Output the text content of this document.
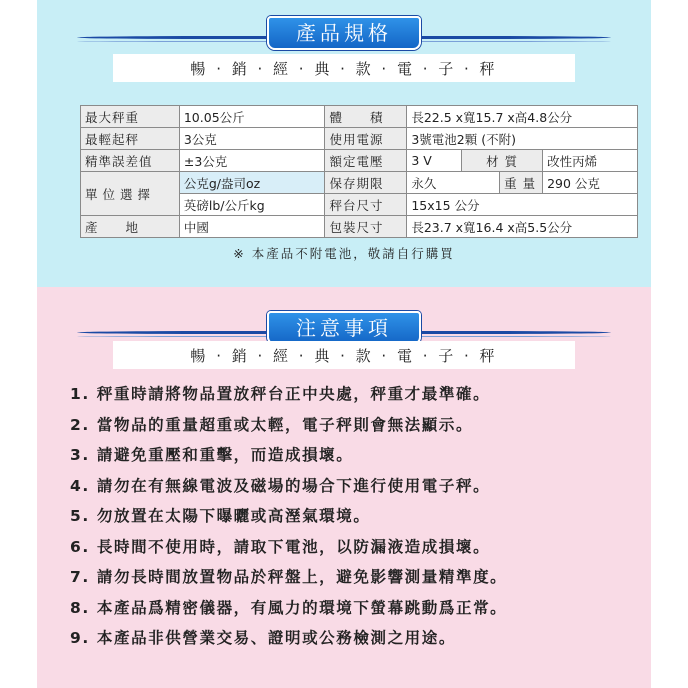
產品規格
暢 · 銷 · 經 · 典 · 款 · 電 · 子 · 秤
最大秤重	10.05公斤	體　　積	長22.5 x寬15.7 x高4.8公分			
最輕起秤	3公克	使用電源	3號電池2顆 (不附)			
精準誤差值	±3公克	額定電壓	3 V	材 質		改性丙烯
單位選擇	公克g/盎司oz	保存期限	永久		重 量	290 公克
	英磅lb/公斤kg	秤台尺寸	15x15 公分			
產　　地	中國	包裝尺寸	長23.7 x寬16.4 x高5.5公分			
※ 本產品不附電池，敬請自行購買
注意事項
暢 · 銷 · 經 · 典 · 款 · 電 · 子 · 秤
1. 秤重時請將物品置放秤台正中央處，秤重才最準確。
2. 當物品的重量超重或太輕，電子秤則會無法顯示。
3. 請避免重壓和重擊，而造成損壞。
4. 請勿在有無線電波及磁場的場合下進行使用電子秤。
5. 勿放置在太陽下曝曬或高溼氣環境。
6. 長時間不使用時，請取下電池，以防漏液造成損壞。
7. 請勿長時間放置物品於秤盤上，避免影響測量精準度。
8. 本產品爲精密儀器，有風力的環境下螢幕跳動爲正常。
9. 本產品非供營業交易、證明或公務檢測之用途。
